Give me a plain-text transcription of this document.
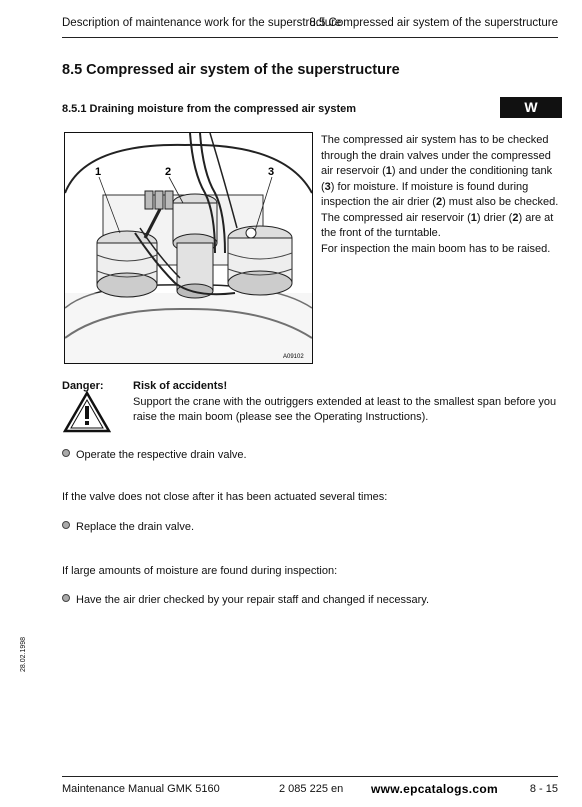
Description of maintenance work for the superstructure
8.5 Compressed air system of the superstructure
8.5 Compressed air system of the superstructure
8.5.1 Draining moisture from the compressed air system	W
1	2	3
A09102

The compressed air system has to be checked through the drain valves under the compressed air reservoir (1) and under the conditioning tank (3) for moisture. If moisture is found during inspection the air drier (2) must also be checked. The compressed air reservoir (1) drier (2) are at the front of the turntable.

For inspection the main boom has to be raised.

Danger:	Risk of accidents!
Support the crane with the outriggers extended at least to the smallest span before you raise the main boom (please see the Operating Instructions).
Operate the respective drain valve.
If the valve does not close after it has been actuated several times:
Replace the drain valve.
If large amounts of moisture are found during inspection:
Have the air drier checked by your repair staff and changed if necessary.
28.02.1998
Maintenance Manual GMK 5160	2 085 225 en www.epcatalogs.com	8 - 15
